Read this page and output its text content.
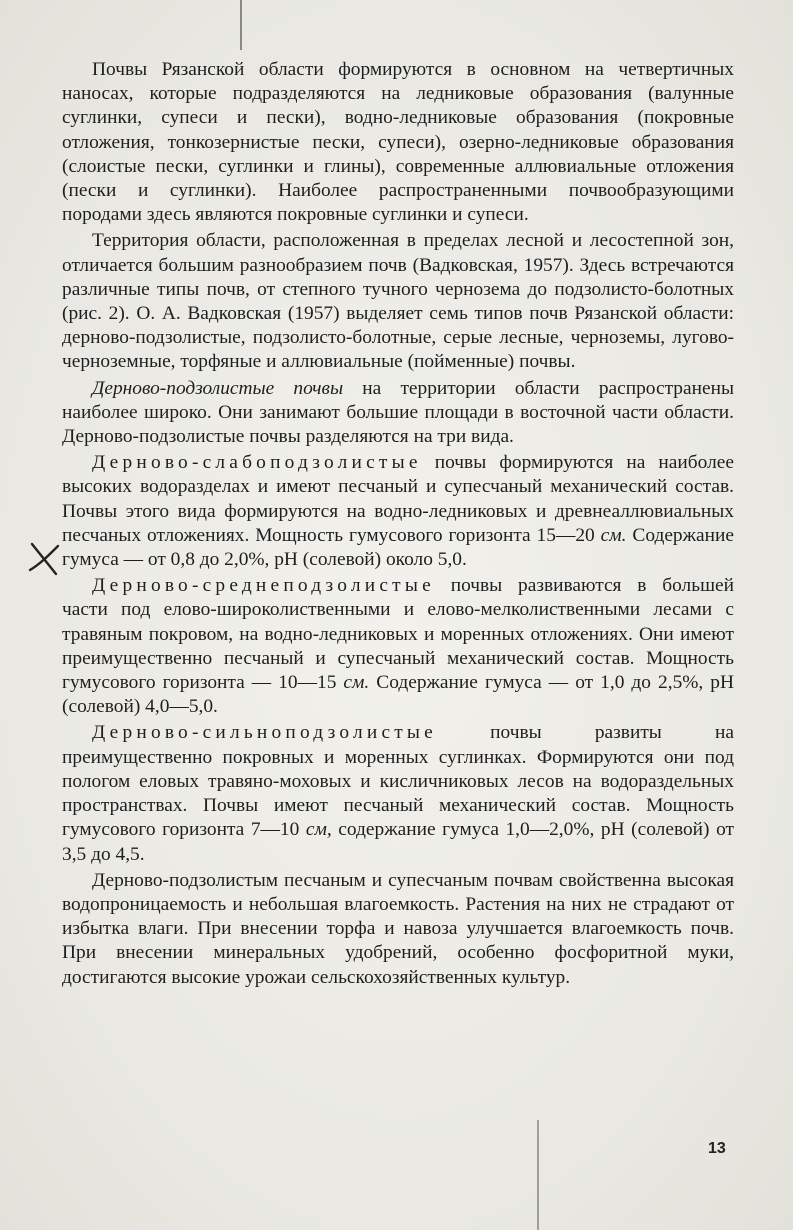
Почвы Рязанской области формируются в основном на четвертичных наносах, которые подразделяются на ледниковые образования (валунные суглинки, супеси и пески), водно-ледниковые образования (покровные отложения, тонкозернистые пески, супеси), озерно-ледниковые образования (слоистые пески, суглинки и глины), современные аллювиальные отложения (пески и суглинки). Наиболее распространенными почвообразующими породами здесь являются покровные суглинки и супеси.

Территория области, расположенная в пределах лесной и лесостепной зон, отличается большим разнообразием почв (Вадковская, 1957). Здесь встречаются различные типы почв, от степного тучного чернозема до подзолисто-болотных (рис. 2). О. А. Вадковская (1957) выделяет семь типов почв Рязанской области: дерново-подзолистые, подзолисто-болотные, серые лесные, черноземы, лугово-черноземные, торфяные и аллювиальные (пойменные) почвы.

Дерново-подзолистые почвы на территории области распространены наиболее широко. Они занимают большие площади в восточной части области. Дерново-подзолистые почвы разделяются на три вида.

Дерново-слабоподзолистые почвы формируются на наиболее высоких водоразделах и имеют песчаный и супесчаный механический состав. Почвы этого вида формируются на водно-ледниковых и древнеаллювиальных песчаных отложениях. Мощность гумусового горизонта 15—20 см. Содержание гумуса — от 0,8 до 2,0%, pH (солевой) около 5,0.

Дерново-среднеподзолистые почвы развиваются в большей части под елово-широколиственными и елово-мелколиственными лесами с травяным покровом, на водно-ледниковых и моренных отложениях. Они имеют преимущественно песчаный и супесчаный механический состав. Мощность гумусового горизонта — 10—15 см. Содержание гумуса — от 1,0 до 2,5%, pH (солевой) 4,0—5,0.

Дерново-сильноподзолистые почвы развиты на преимущественно покровных и моренных суглинках. Формируются они под пологом еловых травяно-моховых и кисличниковых лесов на водораздельных пространствах. Почвы имеют песчаный механический состав. Мощность гумусового горизонта 7—10 см, содержание гумуса 1,0—2,0%, pH (солевой) от 3,5 до 4,5.

Дерново-подзолистым песчаным и супесчаным почвам свойственна высокая водопроницаемость и небольшая влагоемкость. Растения на них не страдают от избытка влаги. При внесении торфа и навоза улучшается влагоемкость почв. При внесении минеральных удобрений, особенно фосфоритной муки, достигаются высокие урожаи сельскохозяйственных культур.

13
